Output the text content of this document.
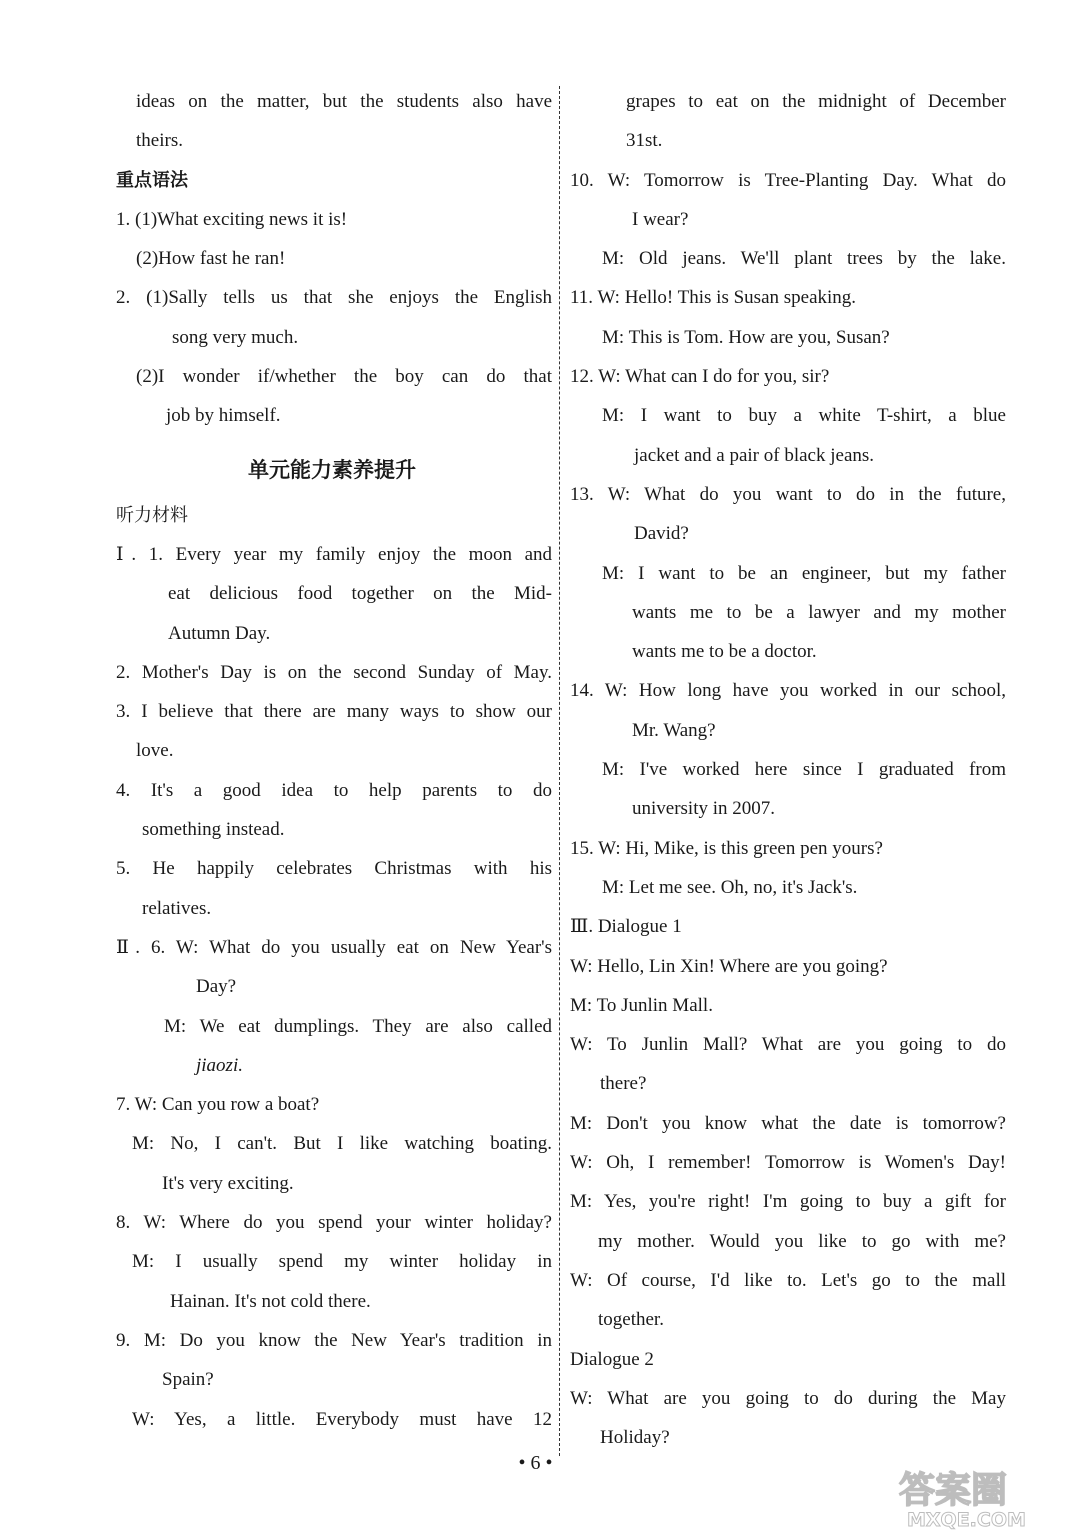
ideas on the matter, but the students also have
theirs.
重点语法
1. (1)What exciting news it is!
(2)How fast he ran!
2. (1)Sally tells us that she enjoys the English
song very much.
(2)I wonder if/whether the boy can do that
job by himself.
单元能力素养提升
听力材料
Ⅰ. 1. Every year my family enjoy the moon and
eat delicious food together on the Mid-
Autumn Day.
2. Mother's Day is on the second Sunday of May.
3. I believe that there are many ways to show our
love.
4. It's a good idea to help parents to do
something instead.
5. He happily celebrates Christmas with his
relatives.
Ⅱ. 6. W: What do you usually eat on New Year's
Day?
M: We eat dumplings. They are also called
jiaozi.
7. W: Can you row a boat?
M: No, I can't. But I like watching boating.
It's very exciting.
8. W: Where do you spend your winter holiday?
M: I usually spend my winter holiday in
Hainan. It's not cold there.
9. M: Do you know the New Year's tradition in
Spain?
W: Yes, a little. Everybody must have 12
grapes to eat on the midnight of December
31st.
10. W: Tomorrow is Tree-Planting Day. What do
I wear?
M: Old jeans. We'll plant trees by the lake.
11. W: Hello! This is Susan speaking.
M: This is Tom. How are you, Susan?
12. W: What can I do for you, sir?
M: I want to buy a white T-shirt, a blue
jacket and a pair of black jeans.
13. W: What do you want to do in the future,
David?
M: I want to be an engineer, but my father
wants me to be a lawyer and my mother
wants me to be a doctor.
14. W: How long have you worked in our school,
Mr. Wang?
M: I've worked here since I graduated from
university in 2007.
15. W: Hi, Mike, is this green pen yours?
M: Let me see. Oh, no, it's Jack's.
Ⅲ. Dialogue 1
W: Hello, Lin Xin! Where are you going?
M: To Junlin Mall.
W: To Junlin Mall? What are you going to do
there?
M: Don't you know what the date is tomorrow?
W: Oh, I remember! Tomorrow is Women's Day!
M: Yes, you're right! I'm going to buy a gift for
my mother. Would you like to go with me?
W: Of course, I'd like to. Let's go to the mall
together.
Dialogue 2
W: What are you going to do during the May
Holiday?
• 6 •
答案圈
MXQE.COM
